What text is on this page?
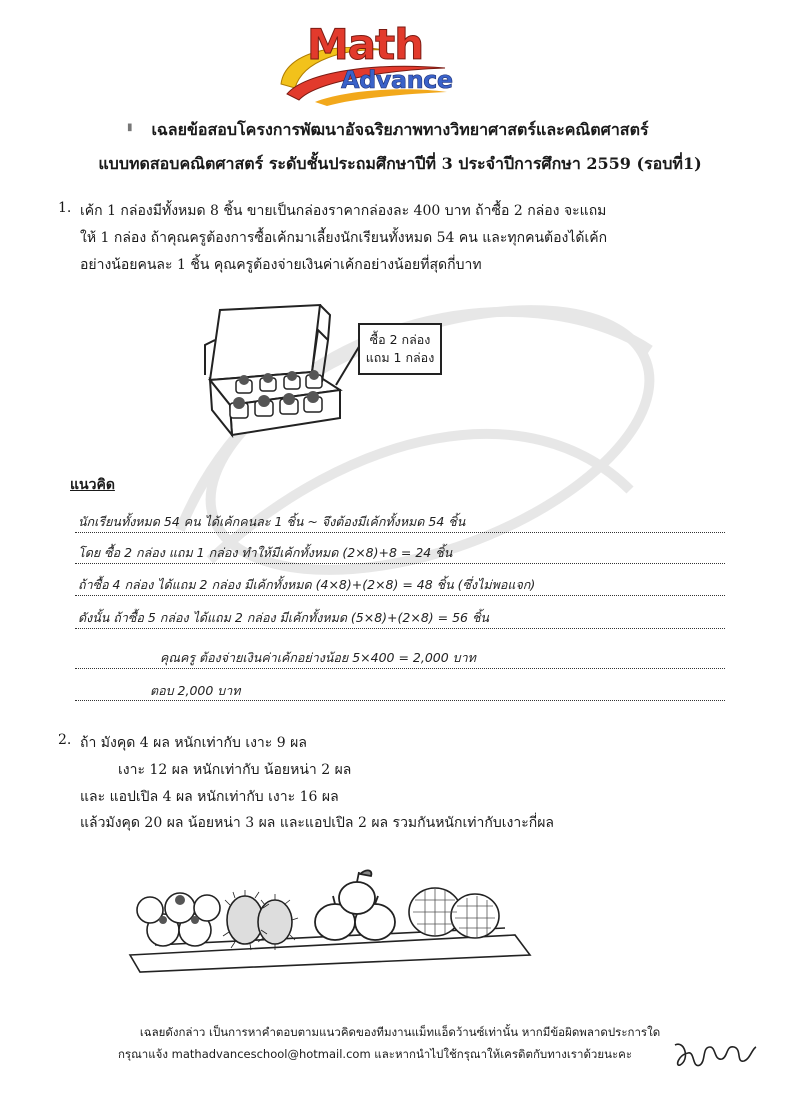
Math
Advance
▮	เฉลยข้อสอบโครงการพัฒนาอัจฉริยภาพทางวิทยาศาสตร์และคณิตศาสตร์
แบบทดสอบคณิตศาสตร์ ระดับชั้นประถมศึกษาปีที่ 3 ประจำปีการศึกษา 2559 (รอบที่1)
1. เค้ก 1 กล่องมีทั้งหมด 8 ชิ้น ขายเป็นกล่องราคากล่องละ 400 บาท ถ้าซื้อ 2 กล่อง จะแถม
ให้ 1 กล่อง ถ้าคุณครูต้องการซื้อเค้กมาเลี้ยงนักเรียนทั้งหมด 54 คน และทุกคนต้องได้เค้ก
อย่างน้อยคนละ 1 ชิ้น คุณครูต้องจ่ายเงินค่าเค้กอย่างน้อยที่สุดกี่บาท
ซื้อ 2 กล่อง
แถม 1 กล่อง
แนวคิด
นักเรียนทั้งหมด 54 คน ได้เค้กคนละ 1 ชิ้น ~ จึงต้องมีเค้กทั้งหมด 54 ชิ้น
โดย ซื้อ 2 กล่อง แถม 1 กล่อง ทำให้มีเค้กทั้งหมด (2×8)+8 = 24 ชิ้น
ถ้าซื้อ 4 กล่อง ได้แถม 2 กล่อง มีเค้กทั้งหมด (4×8)+(2×8) = 48 ชิ้น (ซึ่งไม่พอแจก)
ดังนั้น ถ้าซื้อ 5 กล่อง ได้แถม 2 กล่อง มีเค้กทั้งหมด (5×8)+(2×8) = 56 ชิ้น
คุณครู ต้องจ่ายเงินค่าเค้กอย่างน้อย 5×400 = 2,000 บาท
ตอบ 2,000 บาท
2. ถ้า มังคุด 4 ผล หนักเท่ากับ เงาะ 9 ผล
เงาะ 12 ผล หนักเท่ากับ น้อยหน่า 2 ผล
และ แอปเปิล 4 ผล หนักเท่ากับ เงาะ 16 ผล
แล้วมังคุด 20 ผล น้อยหน่า 3 ผล และแอปเปิล 2 ผล รวมกันหนักเท่ากับเงาะกี่ผล
เฉลยดังกล่าว เป็นการหาคำตอบตามแนวคิดของทีมงานแม็ทแอ็ดว้านซ์เท่านั้น หากมีข้อผิดพลาดประการใด
กรุณาแจ้ง mathadvanceschool@hotmail.com และหากนำไปใช้กรุณาให้เครดิตกับทางเราด้วยนะคะ
